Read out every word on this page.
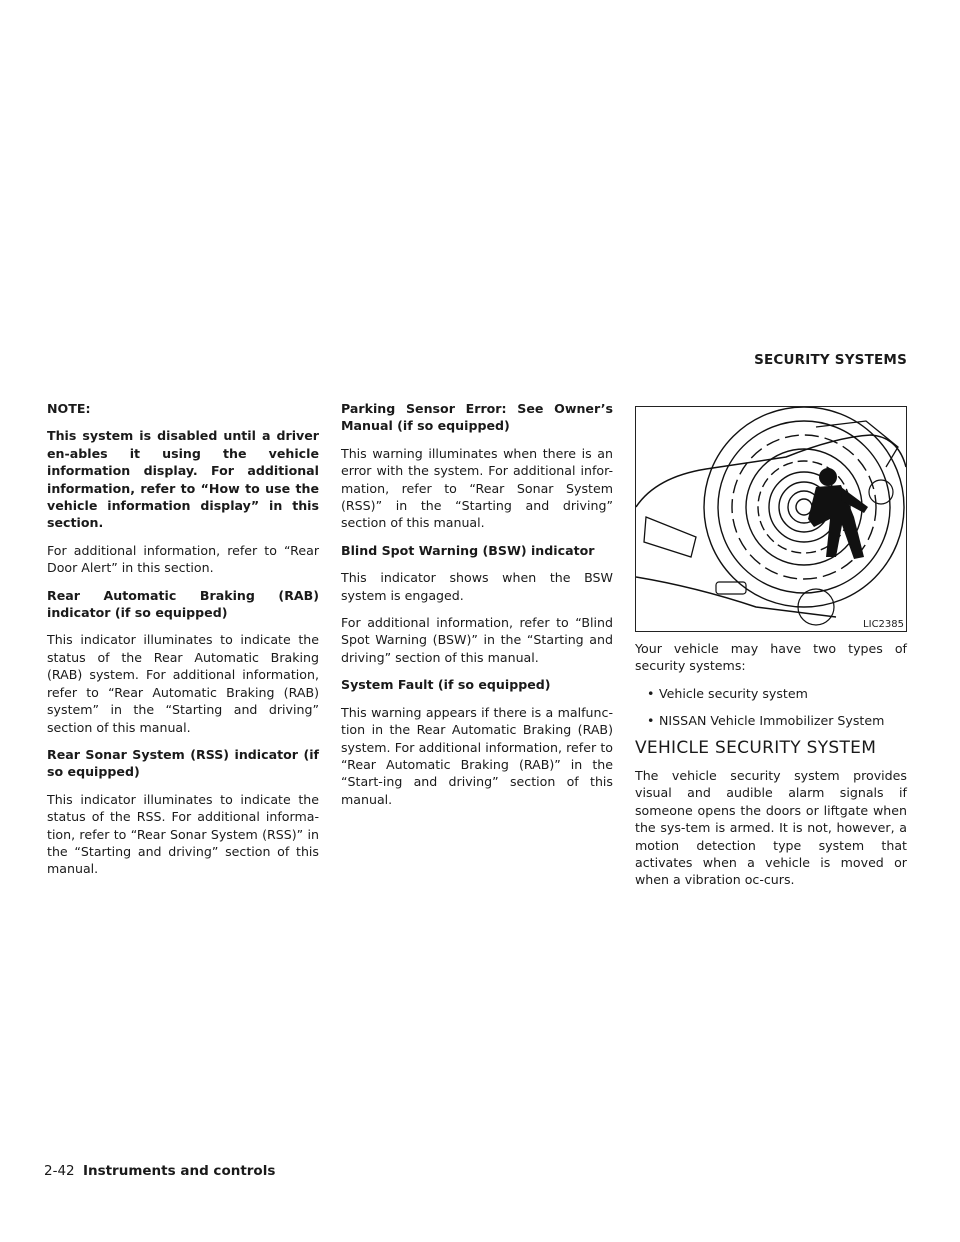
SECURITY SYSTEMS

NOTE:

This system is disabled until a driver en-ables it using the vehicle information display. For additional information, refer to “How to use the vehicle information display” in this section.

For additional information, refer to “Rear Door Alert” in this section.

Rear Automatic Braking (RAB) indicator (if so equipped)

This indicator illuminates to indicate the status of the Rear Automatic Braking (RAB) system. For additional information, refer to “Rear Automatic Braking (RAB) system” in the “Starting and driving” section of this manual.

Rear Sonar System (RSS) indicator (if so equipped)

This indicator illuminates to indicate the status of the RSS. For additional informa-tion, refer to “Rear Sonar System (RSS)” in the “Starting and driving” section of this manual.

Parking Sensor Error: See Owner’s Manual (if so equipped)

This warning illuminates when there is an error with the system. For additional infor-mation, refer to “Rear Sonar System (RSS)” in the “Starting and driving” section of this manual.

Blind Spot Warning (BSW) indicator

This indicator shows when the BSW system is engaged.

For additional information, refer to “Blind Spot Warning (BSW)” in the “Starting and driving” section of this manual.

System Fault (if so equipped)

This warning appears if there is a malfunc-tion in the Rear Automatic Braking (RAB) system. For additional information, refer to “Rear Automatic Braking (RAB)” in the “Start-ing and driving” section of this manual.

LIC2385

Your vehicle may have two types of security systems:

• Vehicle security system
• NISSAN Vehicle Immobilizer System
VEHICLE SECURITY SYSTEM

The vehicle security system provides visual and audible alarm signals if someone opens the doors or liftgate when the sys-tem is armed. It is not, however, a motion detection type system that activates when a vehicle is moved or when a vibration oc-curs.

2-42 Instruments and controls
